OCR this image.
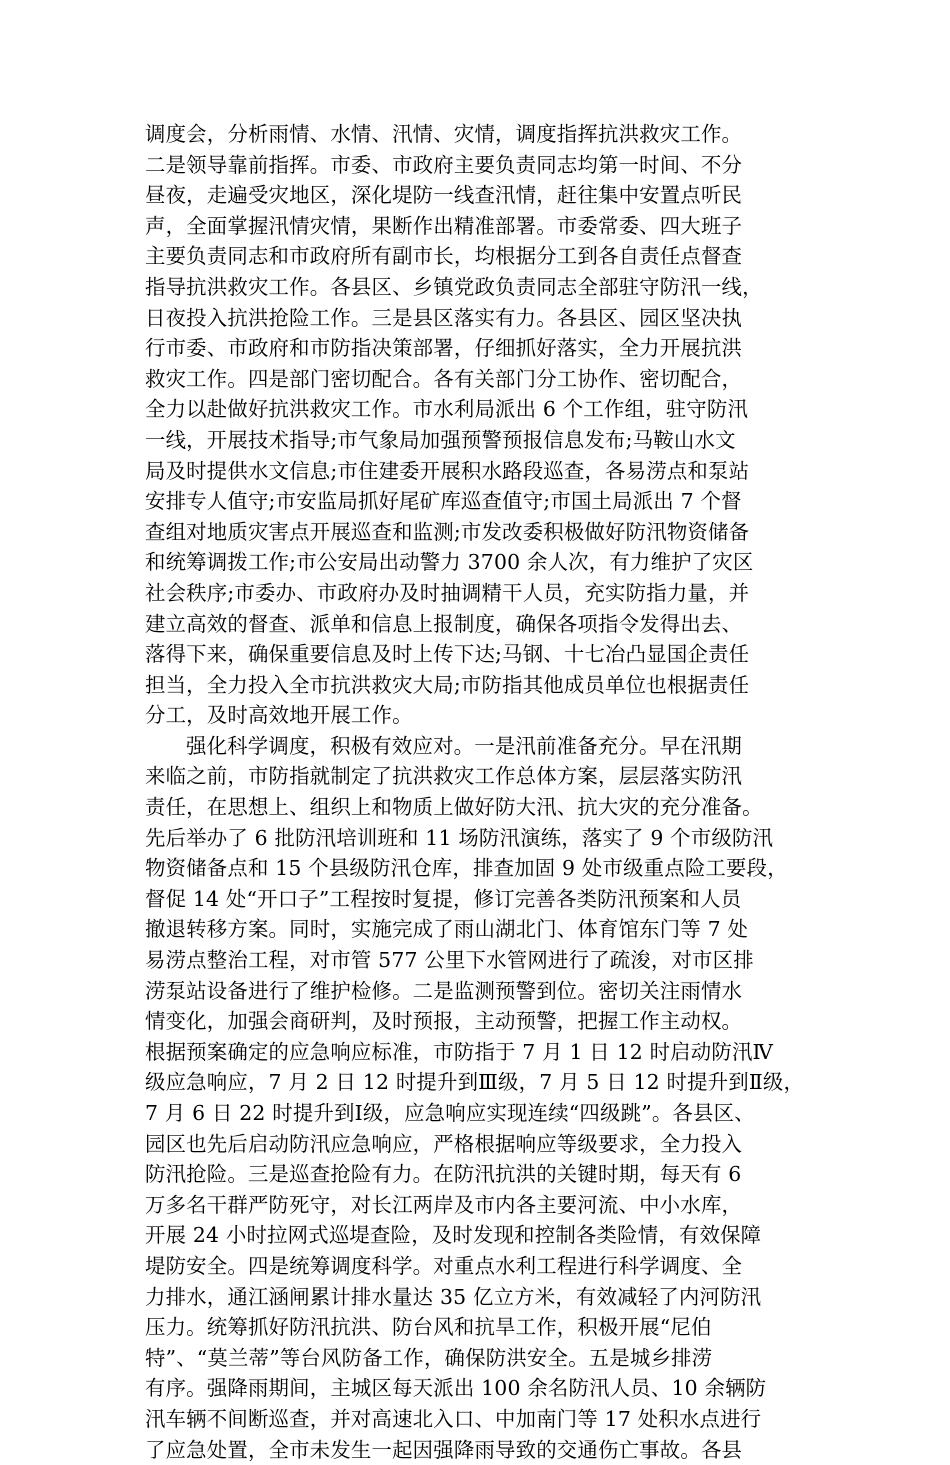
调度会，分析雨情、水情、汛情、灾情，调度指挥抗洪救灾工作。
二是领导靠前指挥。市委、市政府主要负责同志均第一时间、不分
昼夜，走遍受灾地区，深化堤防一线查汛情，赶往集中安置点听民
声，全面掌握汛情灾情，果断作出精准部署。市委常委、四大班子
主要负责同志和市政府所有副市长，均根据分工到各自责任点督查
指导抗洪救灾工作。各县区、乡镇党政负责同志全部驻守防汛一线，
日夜投入抗洪抢险工作。三是县区落实有力。各县区、园区坚决执
行市委、市政府和市防指决策部署，仔细抓好落实，全力开展抗洪
救灾工作。四是部门密切配合。各有关部门分工协作、密切配合，
全力以赴做好抗洪救灾工作。市水利局派出 6 个工作组，驻守防汛
一线，开展技术指导;市气象局加强预警预报信息发布;马鞍山水文
局及时提供水文信息;市住建委开展积水路段巡查，各易涝点和泵站
安排专人值守;市安监局抓好尾矿库巡查值守;市国土局派出 7 个督
查组对地质灾害点开展巡查和监测;市发改委积极做好防汛物资储备
和统筹调拨工作;市公安局出动警力 3700 余人次，有力维护了灾区
社会秩序;市委办、市政府办及时抽调精干人员，充实防指力量，并
建立高效的督查、派单和信息上报制度，确保各项指令发得出去、
落得下来，确保重要信息及时上传下达;马钢、十七冶凸显国企责任
担当，全力投入全市抗洪救灾大局;市防指其他成员单位也根据责任
分工，及时高效地开展工作。
强化科学调度，积极有效应对。一是汛前准备充分。早在汛期
来临之前，市防指就制定了抗洪救灾工作总体方案，层层落实防汛
责任，在思想上、组织上和物质上做好防大汛、抗大灾的充分准备。
先后举办了 6 批防汛培训班和 11 场防汛演练，落实了 9 个市级防汛
物资储备点和 15 个县级防汛仓库，排查加固 9 处市级重点险工要段，
督促 14 处“开口子”工程按时复提，修订完善各类防汛预案和人员
撤退转移方案。同时，实施完成了雨山湖北门、体育馆东门等 7 处
易涝点整治工程，对市管 577 公里下水管网进行了疏浚，对市区排
涝泵站设备进行了维护检修。二是监测预警到位。密切关注雨情水
情变化，加强会商研判，及时预报，主动预警，把握工作主动权。
根据预案确定的应急响应标准，市防指于 7 月 1 日 12 时启动防汛Ⅳ
级应急响应，7 月 2 日 12 时提升到Ⅲ级，7 月 5 日 12 时提升到Ⅱ级，
7 月 6 日 22 时提升到Ⅰ级，应急响应实现连续“四级跳”。各县区、
园区也先后启动防汛应急响应，严格根据响应等级要求，全力投入
防汛抢险。三是巡查抢险有力。在防汛抗洪的关键时期，每天有 6
万多名干群严防死守，对长江两岸及市内各主要河流、中小水库，
开展 24 小时拉网式巡堤查险，及时发现和控制各类险情，有效保障
堤防安全。四是统筹调度科学。对重点水利工程进行科学调度、全
力排水，通江涵闸累计排水量达 35 亿立方米，有效减轻了内河防汛
压力。统筹抓好防汛抗洪、防台风和抗旱工作，积极开展“尼伯
特”、“莫兰蒂”等台风防备工作，确保防洪安全。五是城乡排涝
有序。强降雨期间，主城区每天派出 100 余名防汛人员、10 余辆防
汛车辆不间断巡查，并对高速北入口、中加南门等 17 处积水点进行
了应急处置，全市未发生一起因强降雨导致的交通伤亡事故。各县
